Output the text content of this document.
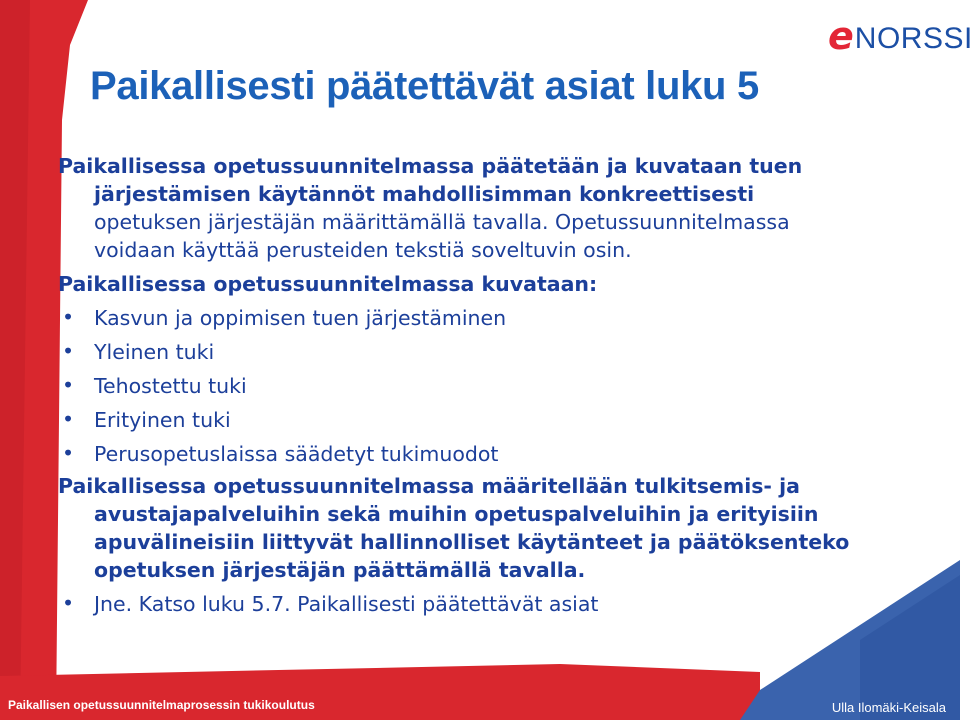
e NORSSI
Paikallisesti päätettävät asiat luku 5

Paikallisessa opetussuunnitelmassa päätetään ja kuvataan tuen
järjestämisen käytännöt mahdollisimman konkreettisesti
opetuksen järjestäjän määrittämällä tavalla. Opetussuunnitelmassa
voidaan käyttää perusteiden tekstiä soveltuvin osin.

Paikallisessa opetussuunnitelmassa kuvataan:

• Kasvun ja oppimisen tuen järjestäminen
• Yleinen tuki
• Tehostettu tuki
• Erityinen tuki
• Perusopetuslaissa säädetyt tukimuodot

Paikallisessa opetussuunnitelmassa määritellään tulkitsemis- ja
avustajapalveluihin sekä muihin opetuspalveluihin ja erityisiin
apuvälineisiin liittyvät hallinnolliset käytänteet ja päätöksenteko
opetuksen järjestäjän päättämällä tavalla.

• Jne. Katso luku 5.7. Paikallisesti päätettävät asiat
Paikallisen opetussuunnitelmaprosessin tukikoulutus	Ulla Ilomäki-Keisala
